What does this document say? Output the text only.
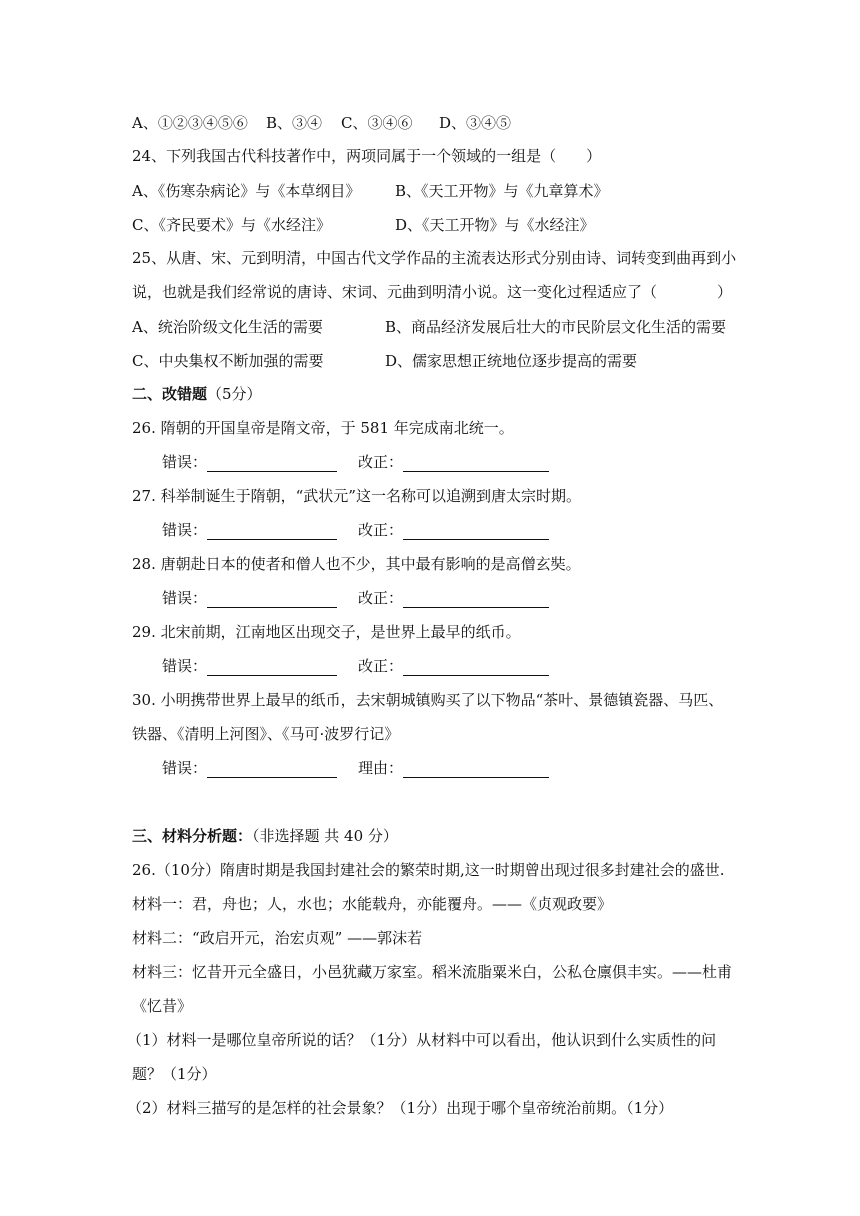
A、①②③④⑤⑥ B、③④ C、③④⑥ D、③④⑤
24、下列我国古代科技著作中，两项同属于一个领域的一组是（　　）
A、《伤寒杂病论》与《本草纲目》 B、《天工开物》与《九章算术》
C、《齐民要术》与《水经注》	D、《天工开物》与《水经注》
25、从唐、宋、元到明清，中国古代文学作品的主流表达形式分别由诗、词转变到曲再到小
说，也就是我们经常说的唐诗、宋词、元曲到明清小说。这一变化过程适应了（　　　　）
A、统治阶级文化生活的需要	B、商品经济发展后壮大的市民阶层文化生活的需要
C、中央集权不断加强的需要	D、儒家思想正统地位逐步提高的需要
二、改错题（5分）
26. 隋朝的开国皇帝是隋文帝，于 581 年完成南北统一。
错误：	改正：
27. 科举制诞生于隋朝，“武状元”这一名称可以追溯到唐太宗时期。
错误：	改正：
28. 唐朝赴日本的使者和僧人也不少，其中最有影响的是高僧玄奘。
错误：	改正：
29. 北宋前期，江南地区出现交子，是世界上最早的纸币。
错误：	改正：
30. 小明携带世界上最早的纸币，去宋朝城镇购买了以下物品“茶叶、景德镇瓷器、马匹、
铁器、《清明上河图》、《马可·波罗行记》
错误：	理由：
三、材料分析题：（非选择题 共 40 分）
26.（10分）隋唐时期是我国封建社会的繁荣时期,这一时期曾出现过很多封建社会的盛世.
材料一：君，舟也；人，水也；水能载舟，亦能覆舟。——《贞观政要》
材料二：“政启开元，治宏贞观” ——郭沫若
材料三：忆昔开元全盛日，小邑犹藏万家室。稻米流脂粟米白，公私仓廪俱丰实。——杜甫
《忆昔》
（1）材料一是哪位皇帝所说的话？（1分）从材料中可以看出，他认识到什么实质性的问
题？（1分）
（2）材料三描写的是怎样的社会景象？（1分）出现于哪个皇帝统治前期。（1分）
